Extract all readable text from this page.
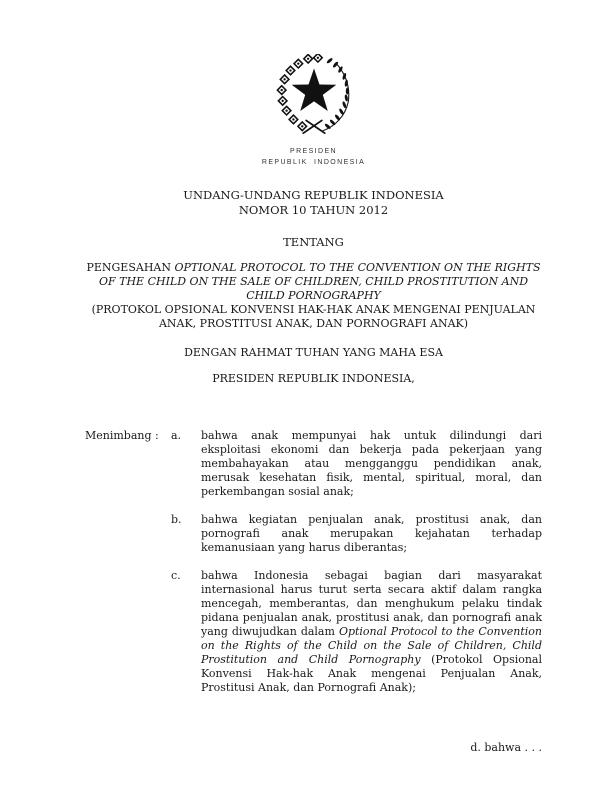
PRESIDEN
REPUBLIK INDONESIA
UNDANG-UNDANG REPUBLIK INDONESIA
NOMOR 10 TAHUN 2012
TENTANG
PENGESAHAN OPTIONAL PROTOCOL TO THE CONVENTION ON THE RIGHTS OF THE CHILD ON THE SALE OF CHILDREN, CHILD PROSTITUTION AND CHILD PORNOGRAPHY
(PROTOKOL OPSIONAL KONVENSI HAK-HAK ANAK MENGENAI PENJUALAN ANAK, PROSTITUSI ANAK, DAN PORNOGRAFI ANAK)
DENGAN RAHMAT TUHAN YANG MAHA ESA
PRESIDEN REPUBLIK INDONESIA,
Menimbang :	a.	bahwa anak mempunyai hak untuk dilindungi dari eksploitasi ekonomi dan bekerja pada pekerjaan yang membahayakan atau mengganggu pendidikan anak, merusak kesehatan fisik, mental, spiritual, moral, dan perkembangan sosial anak;
b.	bahwa kegiatan penjualan anak, prostitusi anak, dan pornografi anak merupakan kejahatan terhadap kemanusiaan yang harus diberantas;
c.	bahwa Indonesia sebagai bagian dari masyarakat internasional harus turut serta secara aktif dalam rangka mencegah, memberantas, dan menghukum pelaku tindak pidana penjualan anak, prostitusi anak, dan pornografi anak yang diwujudkan dalam Optional Protocol to the Convention on the Rights of the Child on the Sale of Children, Child Prostitution and Child Pornography (Protokol Opsional Konvensi Hak-hak Anak mengenai Penjualan Anak, Prostitusi Anak, dan Pornografi Anak);
d. bahwa . . .
